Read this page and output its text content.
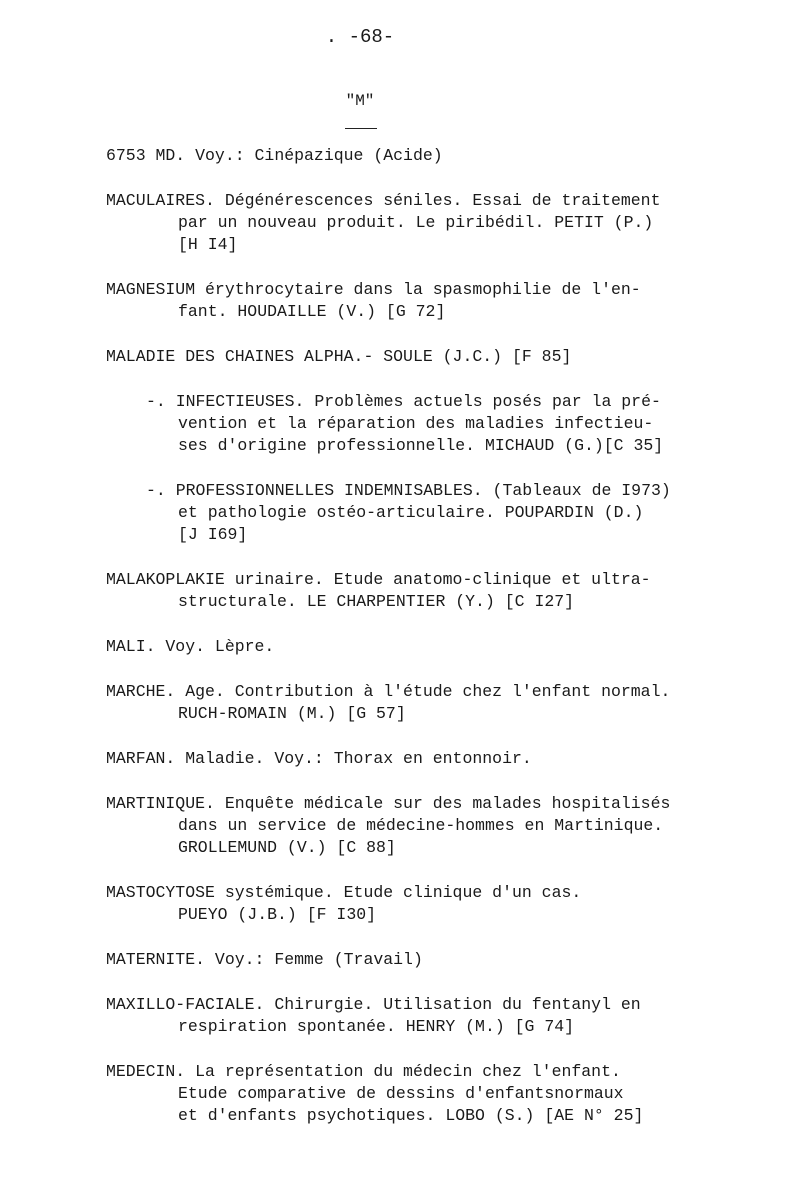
. -68-
"M"
6753 MD. Voy.: Cinépazique (Acide)
MACULAIRES. Dégénérescences séniles. Essai de traitement
par un nouveau produit. Le piribédil. PETIT (P.)
[H I4]
MAGNESIUM érythrocytaire dans la spasmophilie de l'en-
fant. HOUDAILLE (V.) [G 72]
MALADIE DES CHAINES ALPHA.- SOULE (J.C.) [F 85]
-. INFECTIEUSES. Problèmes actuels posés par la pré-
vention et la réparation des maladies infectieu-
ses d'origine professionnelle. MICHAUD (G.)[C 35]
-. PROFESSIONNELLES INDEMNISABLES. (Tableaux de I973)
et pathologie ostéo-articulaire. POUPARDIN (D.)
[J I69]
MALAKOPLAKIE urinaire. Etude anatomo-clinique et ultra-
structurale. LE CHARPENTIER (Y.) [C I27]
MALI. Voy. Lèpre.
MARCHE. Age. Contribution à l'étude chez l'enfant normal.
RUCH-ROMAIN (M.) [G 57]
MARFAN. Maladie. Voy.: Thorax en entonnoir.
MARTINIQUE. Enquête médicale sur des malades hospitalisés
dans un service de médecine-hommes en Martinique.
GROLLEMUND (V.) [C 88]
MASTOCYTOSE systémique. Etude clinique d'un cas.
PUEYO (J.B.) [F I30]
MATERNITE. Voy.: Femme (Travail)
MAXILLO-FACIALE. Chirurgie. Utilisation du fentanyl en
respiration spontanée. HENRY (M.) [G 74]
MEDECIN. La représentation du médecin chez l'enfant.
Etude comparative de dessins d'enfantsnormaux
et d'enfants psychotiques. LOBO (S.) [AE N° 25]
